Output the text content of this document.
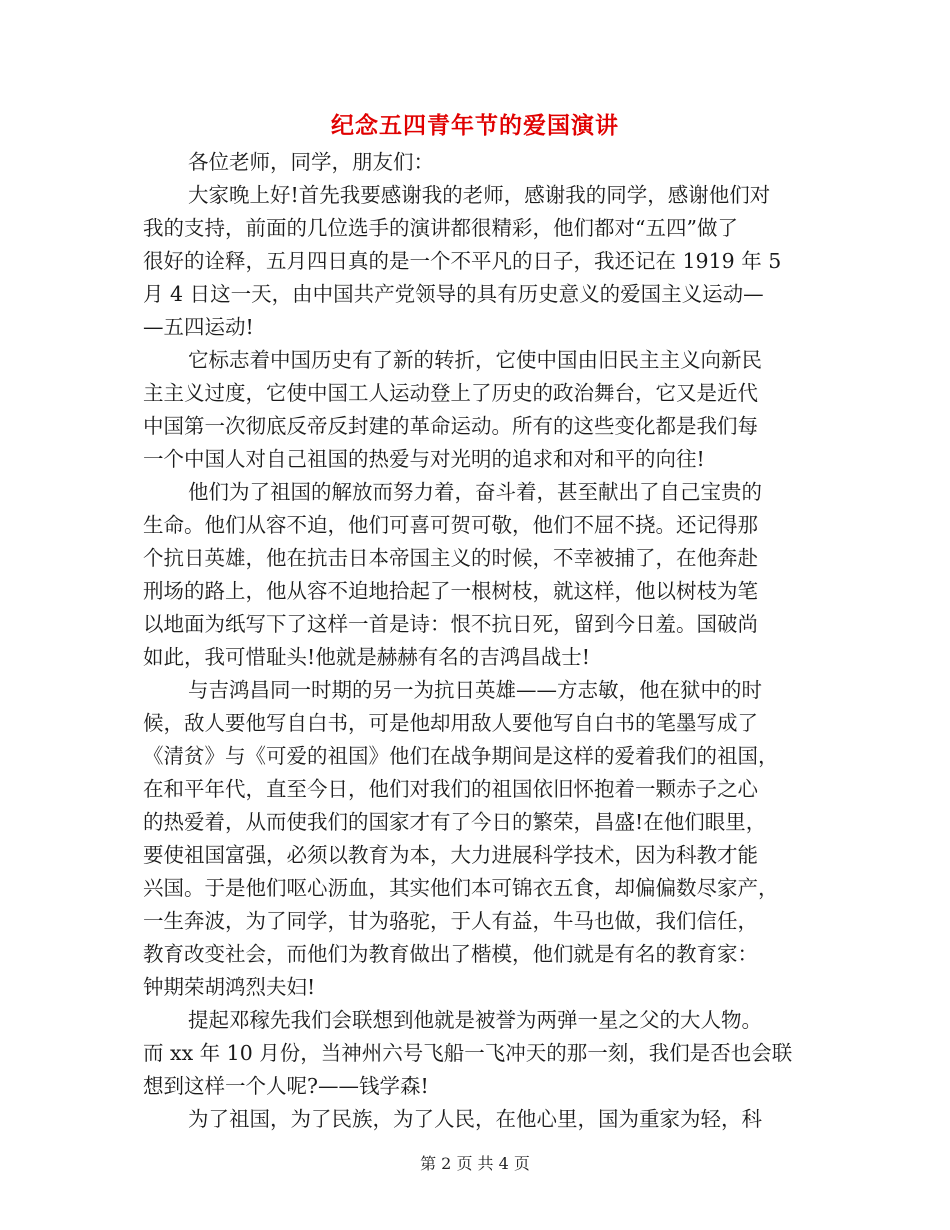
纪念五四青年节的爱国演讲

各位老师，同学，朋友们：

大家晚上好!首先我要感谢我的老师，感谢我的同学，感谢他们对
我的支持，前面的几位选手的演讲都很精彩，他们都对“五四”做了
很好的诠释，五月四日真的是一个不平凡的日子，我还记在 1919 年 5
月 4 日这一天，由中国共产党领导的具有历史意义的爱国主义运动—
—五四运动!

它标志着中国历史有了新的转折，它使中国由旧民主主义向新民
主主义过度，它使中国工人运动登上了历史的政治舞台，它又是近代
中国第一次彻底反帝反封建的革命运动。所有的这些变化都是我们每
一个中国人对自己祖国的热爱与对光明的追求和对和平的向往!

他们为了祖国的解放而努力着，奋斗着，甚至献出了自己宝贵的
生命。他们从容不迫，他们可喜可贺可敬，他们不屈不挠。还记得那
个抗日英雄，他在抗击日本帝国主义的时候，不幸被捕了，在他奔赴
刑场的路上，他从容不迫地拾起了一根树枝，就这样，他以树枝为笔
以地面为纸写下了这样一首是诗：恨不抗日死，留到今日羞。国破尚
如此，我可惜耻头!他就是赫赫有名的吉鸿昌战士!

与吉鸿昌同一时期的另一为抗日英雄——方志敏，他在狱中的时
候，敌人要他写自白书，可是他却用敌人要他写自白书的笔墨写成了
《清贫》与《可爱的祖国》他们在战争期间是这样的爱着我们的祖国，
在和平年代，直至今日，他们对我们的祖国依旧怀抱着一颗赤子之心
的热爱着，从而使我们的国家才有了今日的繁荣，昌盛!在他们眼里，
要使祖国富强，必须以教育为本，大力进展科学技术，因为科教才能
兴国。于是他们呕心沥血，其实他们本可锦衣五食，却偏偏数尽家产，
一生奔波，为了同学，甘为骆驼，于人有益，牛马也做，我们信任，
教育改变社会，而他们为教育做出了楷模，他们就是有名的教育家：
钟期荣胡鸿烈夫妇!

提起邓稼先我们会联想到他就是被誉为两弹一星之父的大人物。
而 xx 年 10 月份，当神州六号飞船一飞冲天的那一刻，我们是否也会联
想到这样一个人呢?——钱学森!

为了祖国，为了民族，为了人民，在他心里，国为重家为轻，科

第 2 页 共 4 页
